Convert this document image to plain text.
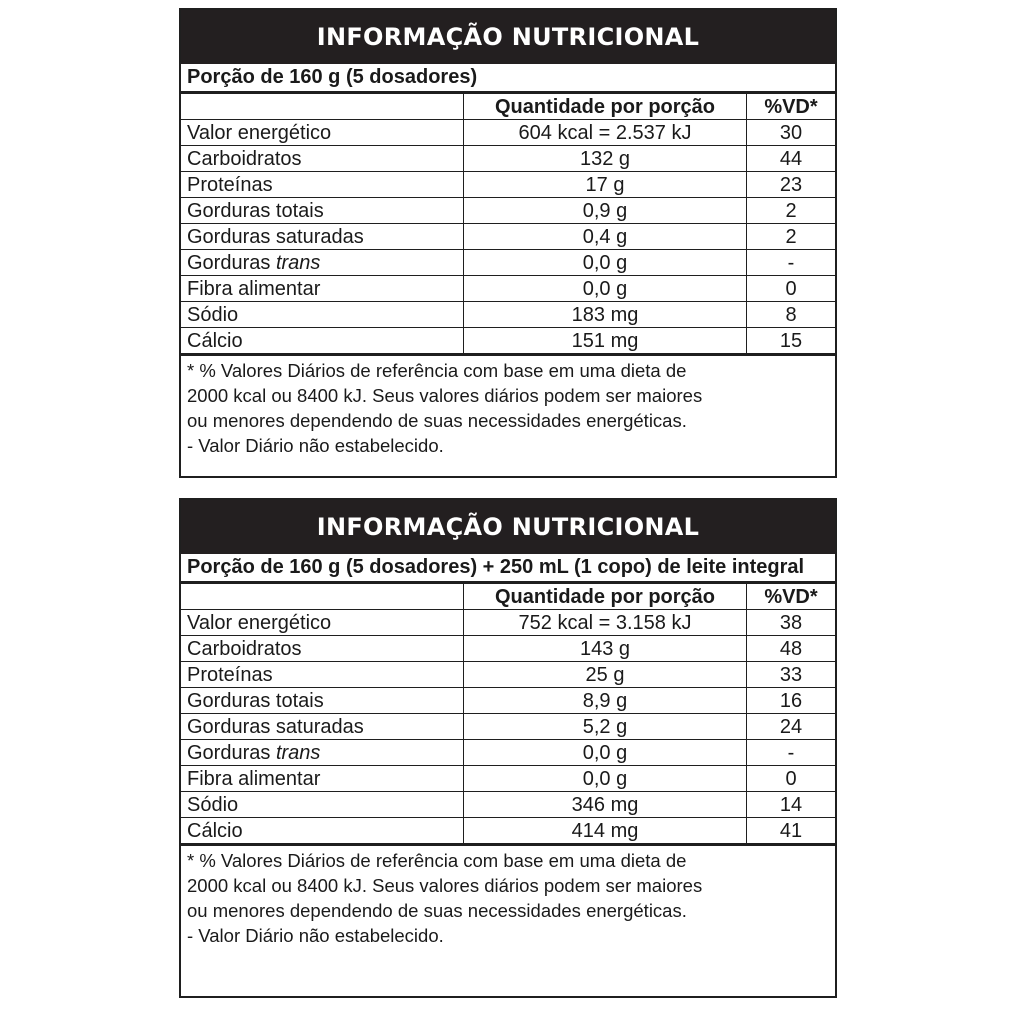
INFORMAÇÃO NUTRICIONAL
Porção de 160 g (5 dosadores)
	Quantidade por porção	%VD*
Valor energético	604 kcal = 2.537 kJ	30
Carboidratos	132 g	44
Proteínas	17 g	23
Gorduras totais	0,9 g	2
Gorduras saturadas	0,4 g	2
Gorduras trans	0,0 g	-
Fibra alimentar	0,0 g	0
Sódio	183 mg	8
Cálcio	151 mg	15
* % Valores Diários de referência com base em uma dieta de
2000 kcal ou 8400 kJ. Seus valores diários podem ser maiores
ou menores dependendo de suas necessidades energéticas.
- Valor Diário não estabelecido.
INFORMAÇÃO NUTRICIONAL
Porção de 160 g (5 dosadores) + 250 mL (1 copo) de leite integral
	Quantidade por porção	%VD*
Valor energético	752 kcal = 3.158 kJ	38
Carboidratos	143 g	48
Proteínas	25 g	33
Gorduras totais	8,9 g	16
Gorduras saturadas	5,2 g	24
Gorduras trans	0,0 g	-
Fibra alimentar	0,0 g	0
Sódio	346 mg	14
Cálcio	414 mg	41
* % Valores Diários de referência com base em uma dieta de
2000 kcal ou 8400 kJ. Seus valores diários podem ser maiores
ou menores dependendo de suas necessidades energéticas.
- Valor Diário não estabelecido.
